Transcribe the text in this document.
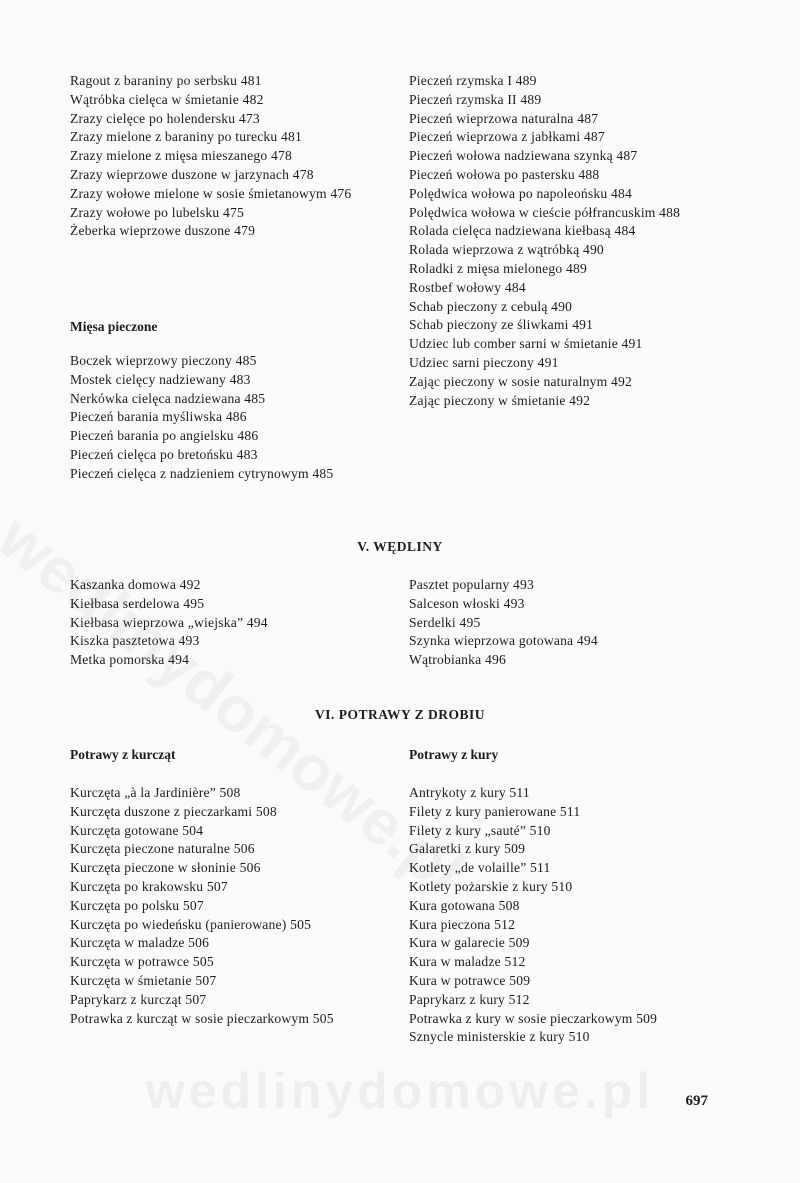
Ragout z baraniny po serbsku 481

Wątróbka cielęca w śmietanie 482

Zrazy cielęce po holendersku 473

Zrazy mielone z baraniny po turecku 481

Zrazy mielone z mięsa mieszanego 478

Zrazy wieprzowe duszone w jarzynach 478

Zrazy wołowe mielone w sosie śmietanowym 476

Zrazy wołowe po lubelsku 475

Żeberka wieprzowe duszone 479

Mięsa pieczone

Boczek wieprzowy pieczony 485

Mostek cielęcy nadziewany 483

Nerkówka cielęca nadziewana 485

Pieczeń barania myśliwska 486

Pieczeń barania po angielsku 486

Pieczeń cielęca po bretońsku 483

Pieczeń cielęca z nadzieniem cytrynowym 485

Pieczeń rzymska I 489

Pieczeń rzymska II 489

Pieczeń wieprzowa naturalna 487

Pieczeń wieprzowa z jabłkami 487

Pieczeń wołowa nadziewana szynką 487

Pieczeń wołowa po pastersku 488

Polędwica wołowa po napoleońsku 484

Polędwica wołowa w cieście półfrancuskim 488

Rolada cielęca nadziewana kiełbasą 484

Rolada wieprzowa z wątróbką 490

Roladki z mięsa mielonego 489

Rostbef wołowy 484

Schab pieczony z cebulą 490

Schab pieczony ze śliwkami 491

Udziec lub comber sarni w śmietanie 491

Udziec sarni pieczony 491

Zając pieczony w sosie naturalnym 492

Zając pieczony w śmietanie 492

V. WĘDLINY

Kaszanka domowa 492

Kiełbasa serdelowa 495

Kiełbasa wieprzowa „wiejska” 494

Kiszka pasztetowa 493

Metka pomorska 494

Pasztet popularny 493

Salceson włoski 493

Serdelki 495

Szynka wieprzowa gotowana 494

Wątrobianka 496

VI. POTRAWY Z DROBIU

Potrawy z kurcząt

Kurczęta „à la Jardinière” 508

Kurczęta duszone z pieczarkami 508

Kurczęta gotowane 504

Kurczęta pieczone naturalne 506

Kurczęta pieczone w słoninie 506

Kurczęta po krakowsku 507

Kurczęta po polsku 507

Kurczęta po wiedeńsku (panierowane) 505

Kurczęta w maladze 506

Kurczęta w potrawce 505

Kurczęta w śmietanie 507

Paprykarz z kurcząt 507

Potrawka z kurcząt w sosie pieczarkowym 505

Potrawy z kury

Antrykoty z kury 511

Filety z kury panierowane 511

Filety z kury „sauté” 510

Galaretki z kury 509

Kotlety „de volaille” 511

Kotlety pożarskie z kury 510

Kura gotowana 508

Kura pieczona 512

Kura w galarecie 509

Kura w maladze 512

Kura w potrawce 509

Paprykarz z kury 512

Potrawka z kury w sosie pieczarkowym 509

Sznycle ministerskie z kury 510

wedlinydomowe.pl	697
